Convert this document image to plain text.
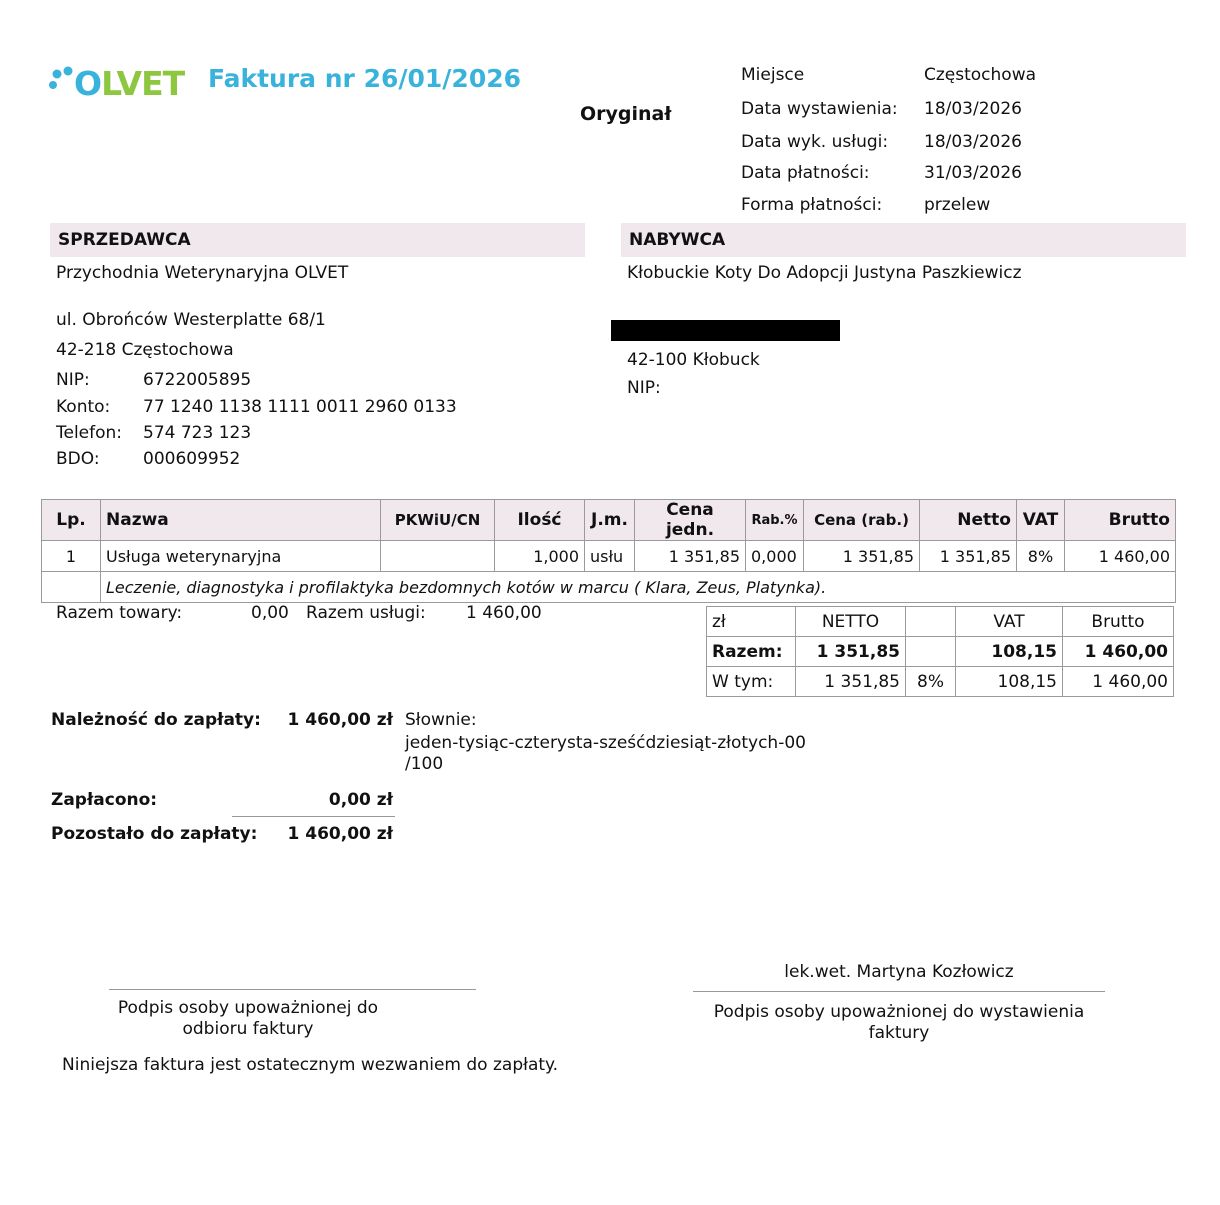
OLVET Faktura nr 26/01/2026
Oryginał
Miejsce	Częstochowa
Data wystawienia: 18/03/2026
Data wyk. usługi: 18/03/2026
Data płatności:	31/03/2026
Forma płatności: przelew
SPRZEDAWCA
Przychodnia Weterynaryjna OLVET
ul. Obrońców Westerplatte 68/1
42-218 Częstochowa
NIP:	6722005895
Konto: 77 1240 1138 1111 0011 2960 0133
Telefon: 574 723 123
BDO:	000609952
NABYWCA
Kłobuckie Koty Do Adopcji Justyna Paszkiewicz
42-100 Kłobuck
NIP:
Lp.	Nazwa	PKWiU/CN	Ilość	J.m.	Cena jedn.	Rab.%	Cena (rab.)	Netto	VAT	Brutto
1	Usługa weterynaryjna		1,000	usłu	1 351,85	0,000	1 351,85	1 351,85	8%	1 460,00
	Leczenie, diagnostyka i profilaktyka bezdomnych kotów w marcu ( Klara, Zeus, Platynka).									
Razem towary:	0,00 Razem usługi: 1 460,00	zł	NETTO		VAT	Brutto
Razem:	1 351,85		108,15	1 460,00
W tym:	1 351,85	8%	108,15	1 460,00
Należność do zapłaty:	1 460,00 zł Słownie:
jeden-tysiąc-czterysta-sześćdziesiąt-złotych-00
/100
Zapłacono:	0,00 zł
Pozostało do zapłaty:	1 460,00 zł
lek.wet. Martyna Kozłowicz
Podpis osoby upoważnionej do
odbioru faktury
Podpis osoby upoważnionej do wystawienia
faktury
Niniejsza faktura jest ostatecznym wezwaniem do zapłaty.
